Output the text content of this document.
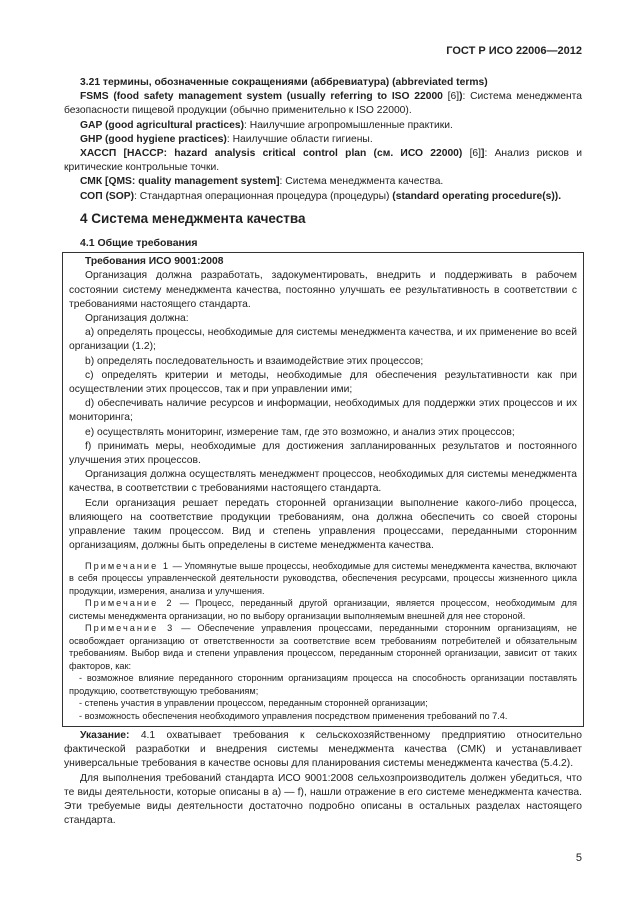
ГОСТ Р ИСО 22006—2012

3.21 термины, обозначенные сокращениями (аббревиатура) (abbreviated terms)

FSMS (food safety management system (usually referring to ISO 22000 [6]): Система менеджмента безопасности пищевой продукции (обычно применительно к ISO 22000).

GAP (good agricultural practices): Наилучшие агропромышленные практики.

GHP (good hygiene practices): Наилучшие области гигиены.

ХАССП [HACCP: hazard analysis critical control plan (см. ИСО 22000) [6]]: Анализ рисков и критические контрольные точки.

СМК [QMS: quality management system]: Система менеджмента качества.

СОП (SOP): Стандартная операционная процедура (процедуры) (standard operating procedure(s)).

4 Система менеджмента качества
4.1 Общие требования

Требования ИСО 9001:2008

Организация должна разработать, задокументировать, внедрить и поддерживать в рабочем состоянии систему менеджмента качества, постоянно улучшать ее результативность в соответствии с требованиями настоящего стандарта.

Организация должна:

а) определять процессы, необходимые для системы менеджмента качества, и их применение во всей организации (1.2);

b) определять последовательность и взаимодействие этих процессов;

с) определять критерии и методы, необходимые для обеспечения результативности как при осуществлении этих процессов, так и при управлении ими;

d) обеспечивать наличие ресурсов и информации, необходимых для поддержки этих процессов и их мониторинга;

е) осуществлять мониторинг, измерение там, где это возможно, и анализ этих процессов;

f) принимать меры, необходимые для достижения запланированных результатов и постоянного улучшения этих процессов.

Организация должна осуществлять менеджмент процессов, необходимых для системы менеджмента качества, в соответствии с требованиями настоящего стандарта.

Если организация решает передать сторонней организации выполнение какого-либо процесса, влияющего на соответствие продукции требованиям, она должна обеспечить со своей стороны управление таким процессом. Вид и степень управления процессами, переданными сторонним организациям, должны быть определены в системе менеджмента качества.

Примечание 1 — Упомянутые выше процессы, необходимые для системы менеджмента качества, включают в себя процессы управленческой деятельности руководства, обеспечения ресурсами, процессы жизненного цикла продукции, измерения, анализа и улучшения.

Примечание 2 — Процесс, переданный другой организации, является процессом, необходимым для системы менеджмента организации, но по выбору организации выполняемым внешней для нее стороной.

Примечание 3 — Обеспечение управления процессами, переданными сторонним организациям, не освобождает организацию от ответственности за соответствие всем требованиям потребителей и обязательным требованиям. Выбор вида и степени управления процессом, переданным сторонней организации, зависит от таких факторов, как:

- возможное влияние переданного сторонним организациям процесса на способность организации поставлять продукцию, соответствующую требованиям;

- степень участия в управлении процессом, переданным сторонней организации;

- возможность обеспечения необходимого управления посредством применения требований по 7.4.

Указание: 4.1 охватывает требования к сельскохозяйственному предприятию относительно фактической разработки и внедрения системы менеджмента качества (СМК) и устанавливает универсальные требования в качестве основы для планирования системы менеджмента качества (5.4.2).

Для выполнения требований стандарта ИСО 9001:2008 сельхозпроизводитель должен убедиться, что те виды деятельности, которые описаны в а) — f), нашли отражение в его системе менеджмента качества. Эти требуемые виды деятельности достаточно подробно описаны в остальных разделах настоящего стандарта.

5
